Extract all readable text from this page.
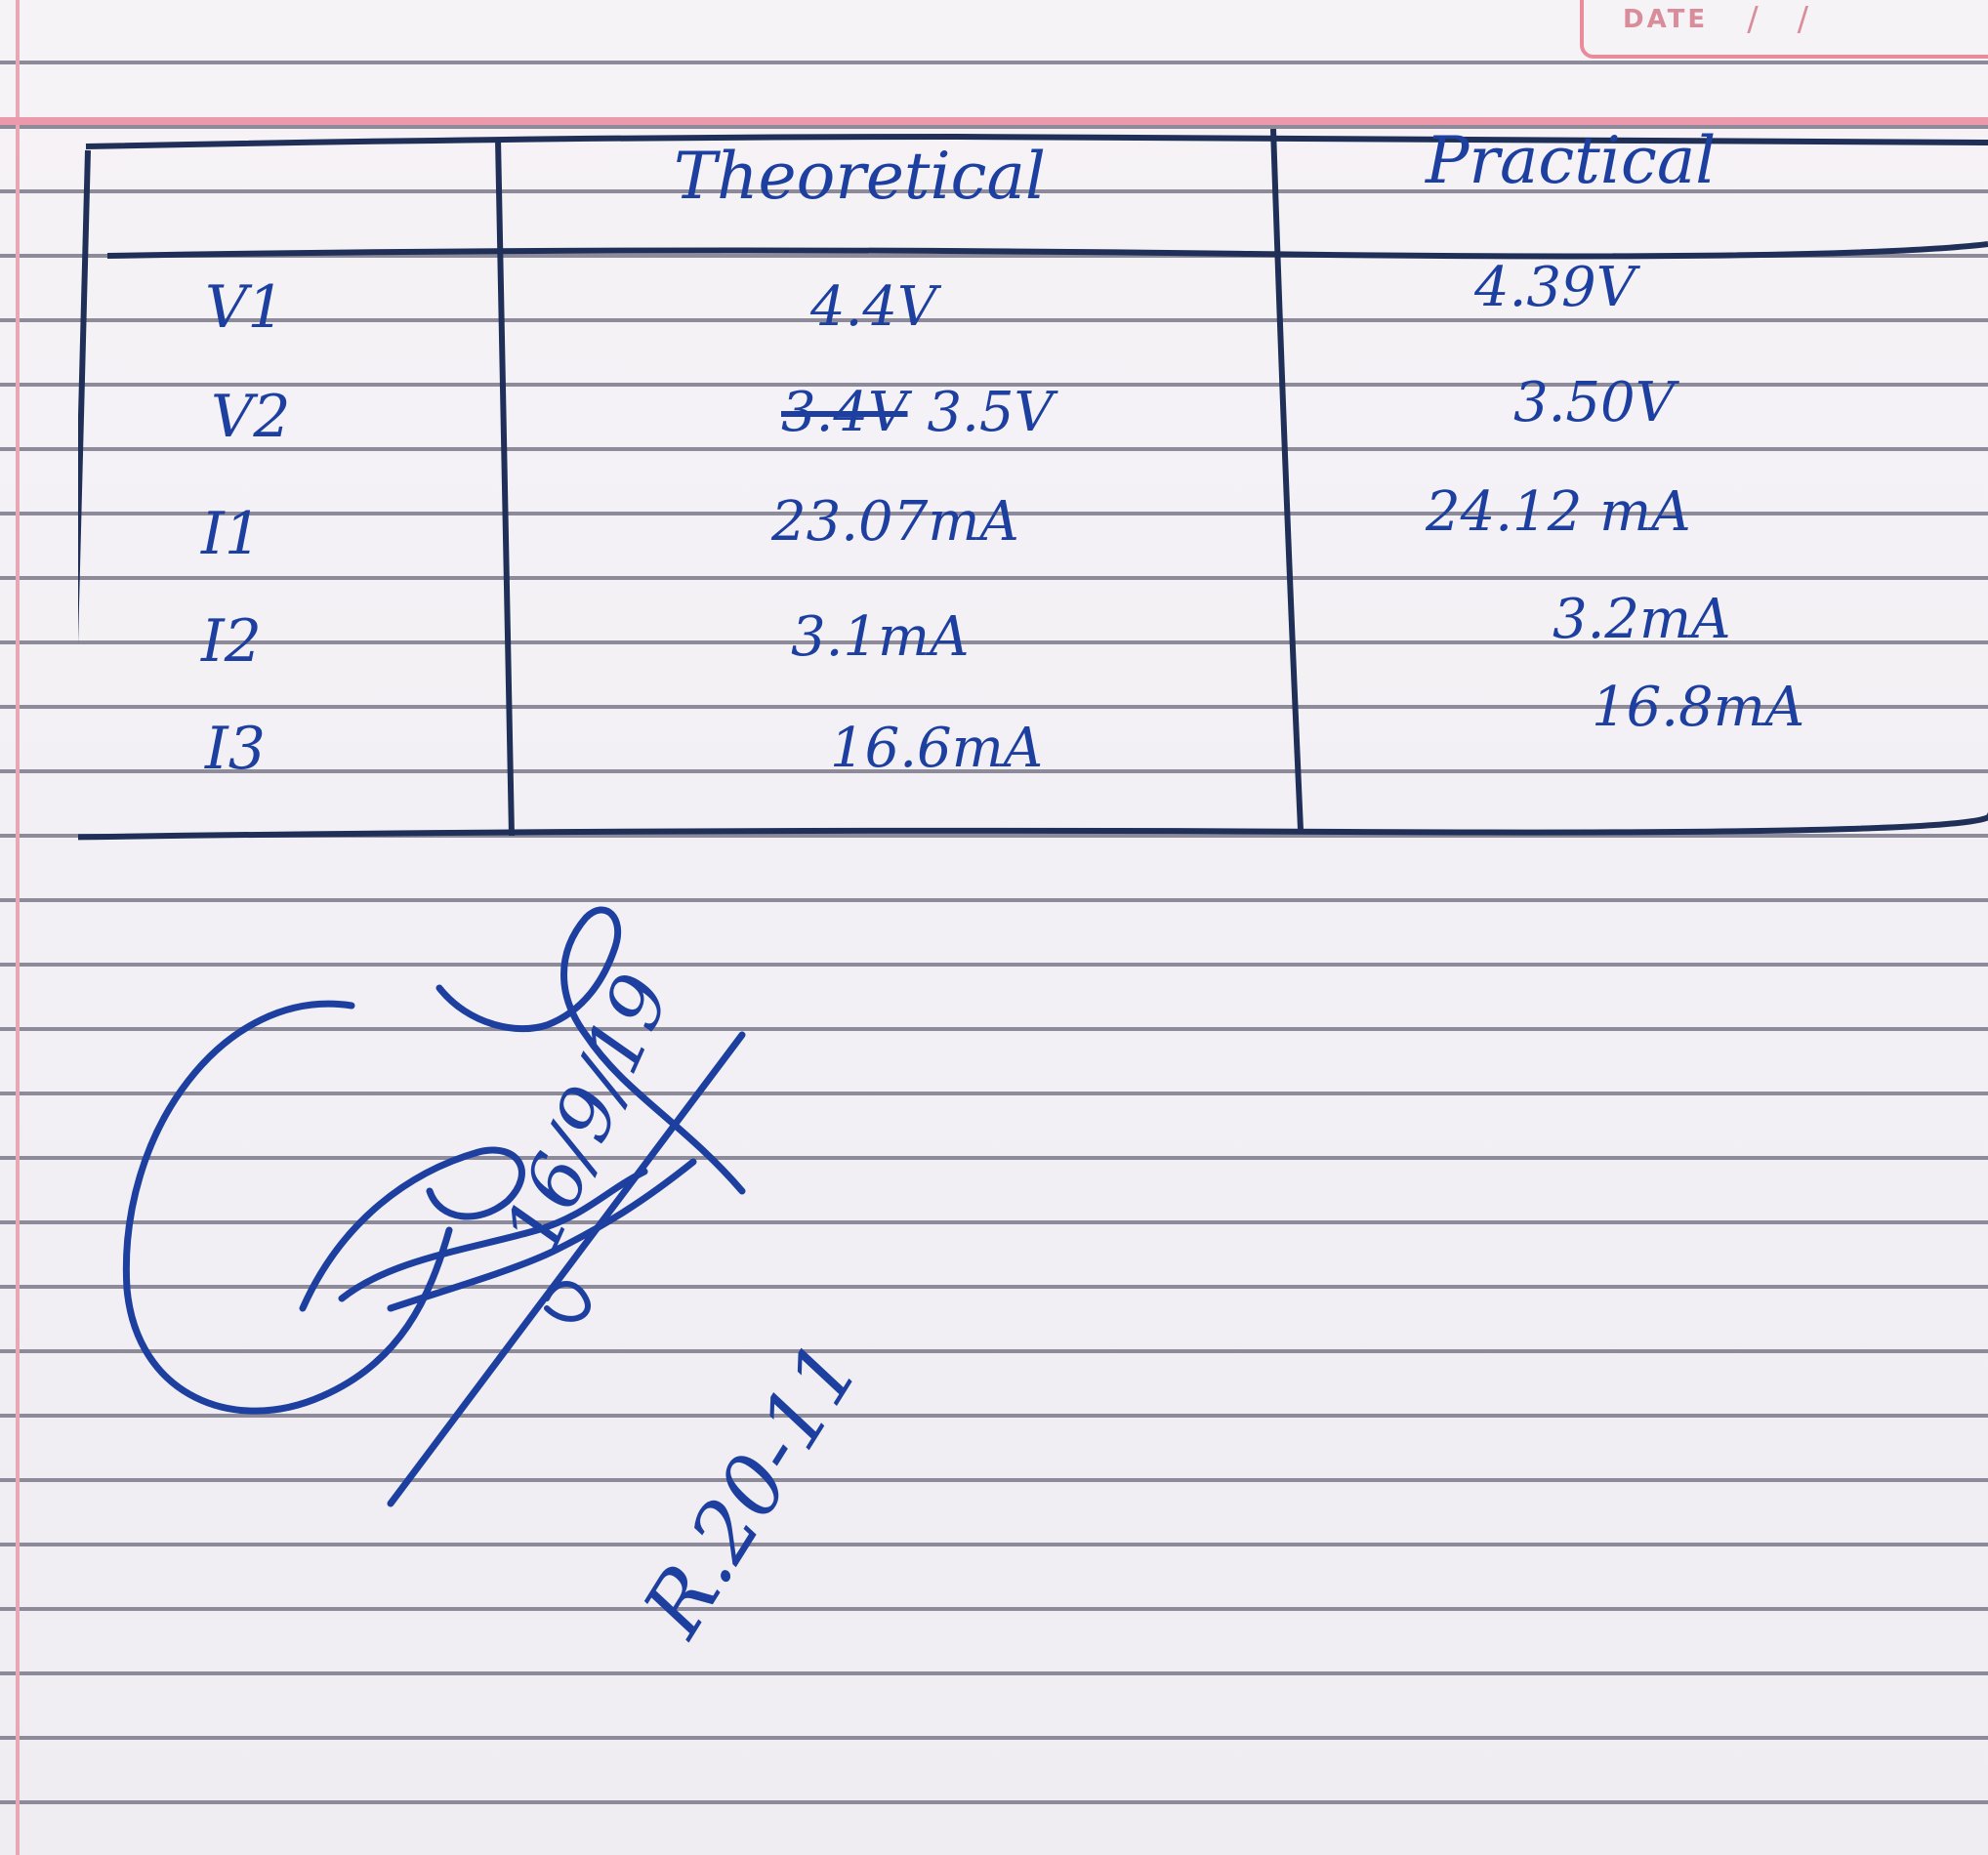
DATE / /
Theoretical	Practical
V1
V2
I1
I2
I3
4.4V
3.4V 3.5V
23.07mA
3.1mA
16.6mA
4.39V
3.50V
24.12 mA
3.2mA
16.8mA
16/9/19
R.20-11
